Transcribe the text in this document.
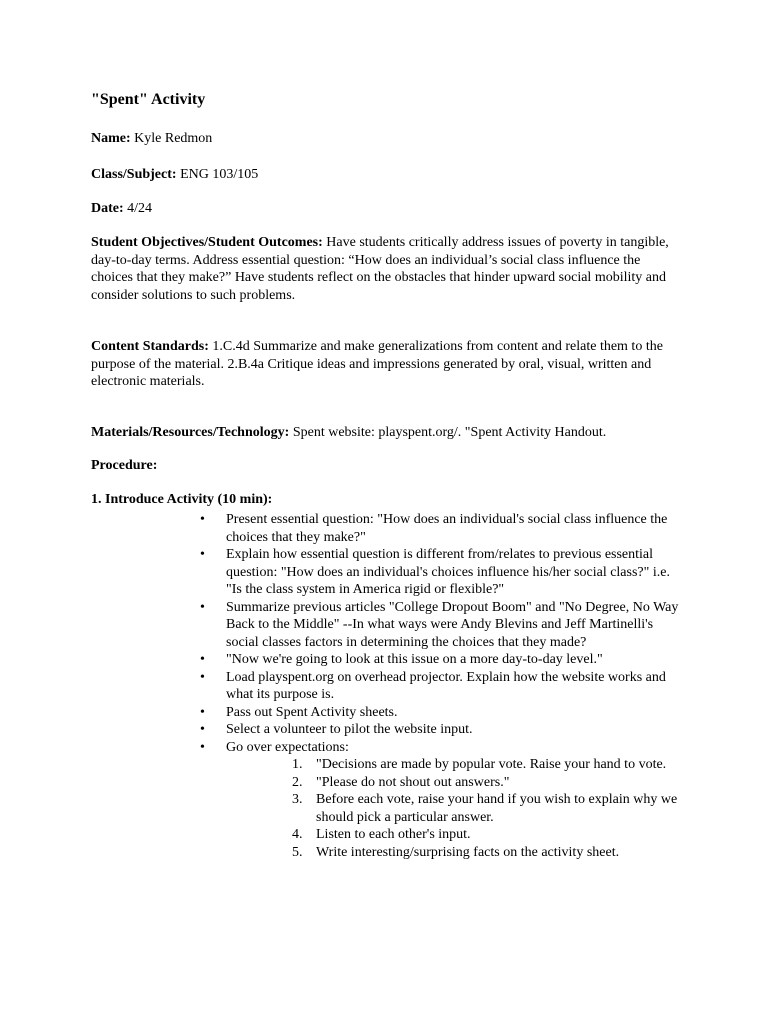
"Spent" Activity

Name: Kyle Redmon

Class/Subject: ENG 103/105

Date: 4/24

Student Objectives/Student Outcomes: Have students critically address issues of poverty in tangible, day-to-day terms. Address essential question: “How does an individual’s social class influence the choices that they make?” Have students reflect on the obstacles that hinder upward social mobility and consider solutions to such problems.

Content Standards: 1.C.4d Summarize and make generalizations from content and relate them to the purpose of the material. 2.B.4a Critique ideas and impressions generated by oral, visual, written and electronic materials.

Materials/Resources/Technology: Spent website: playspent.org/. "Spent Activity Handout.

Procedure:

1. Introduce Activity (10 min):

• Present essential question: "How does an individual's social class influence the choices that they make?"
• Explain how essential question is different from/relates to previous essential question: "How does an individual's choices influence his/her social class?" i.e. "Is the class system in America rigid or flexible?"
• Summarize previous articles "College Dropout Boom" and "No Degree, No Way Back to the Middle" --In what ways were Andy Blevins and Jeff Martinelli's social classes factors in determining the choices that they made?
• "Now we're going to look at this issue on a more day-to-day level."
• Load playspent.org on overhead projector. Explain how the website works and what its purpose is.
• Pass out Spent Activity sheets.
• Select a volunteer to pilot the website input.
• Go over expectations:
1. "Decisions are made by popular vote. Raise your hand to vote.
2. "Please do not shout out answers."
3. Before each vote, raise your hand if you wish to explain why we should pick a particular answer.
4. Listen to each other's input.
5. Write interesting/surprising facts on the activity sheet.
